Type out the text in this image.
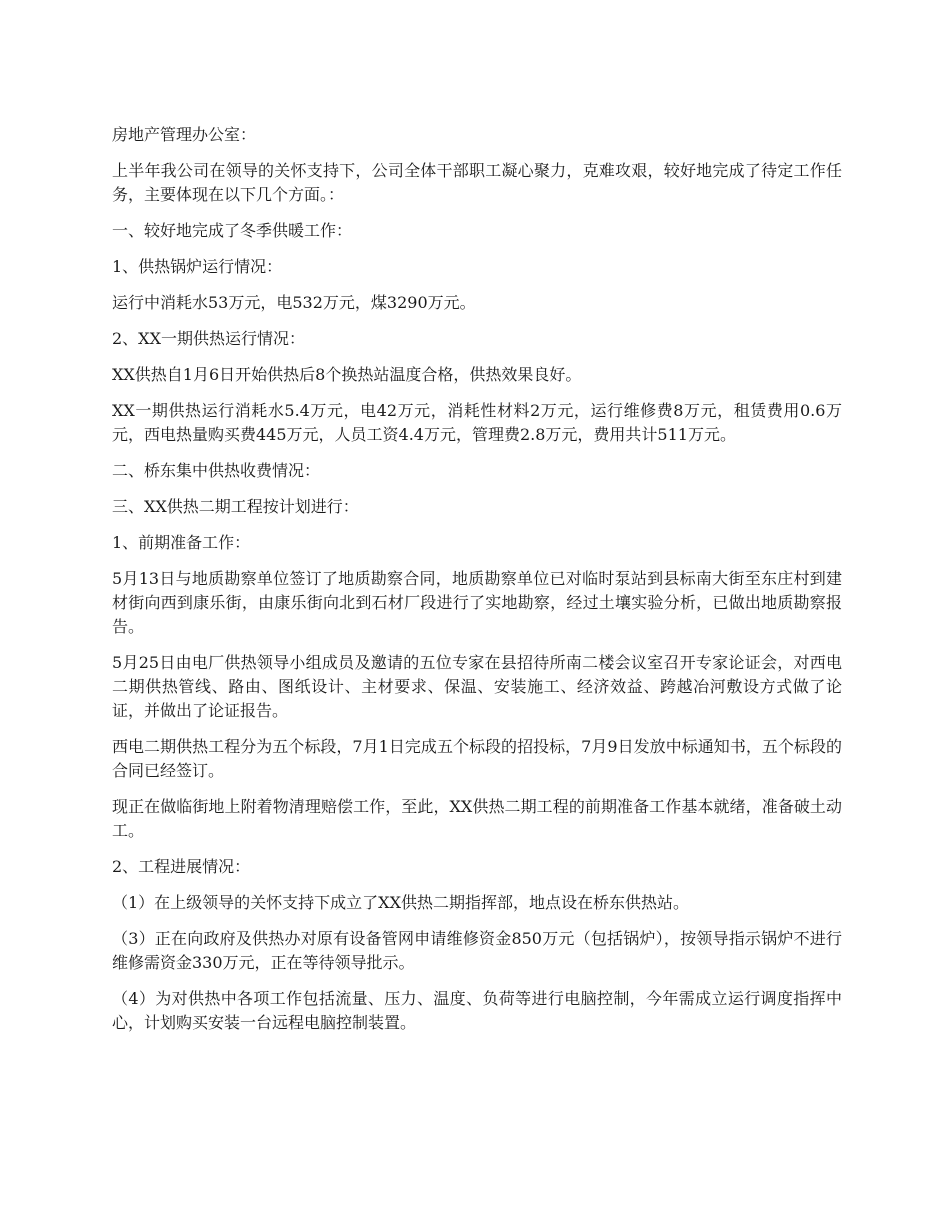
房地产管理办公室：

上半年我公司在领导的关怀支持下，公司全体干部职工凝心聚力，克难攻艰，较好地完成了待定工作任务，主要体现在以下几个方面。：

一、较好地完成了冬季供暖工作：

1、供热锅炉运行情况：

运行中消耗水53万元，电532万元，煤3290万元。

2、XX一期供热运行情况：

XX供热自1月6日开始供热后8个换热站温度合格，供热效果良好。

XX一期供热运行消耗水5.4万元，电42万元，消耗性材料2万元，运行维修费8万元，租赁费用0.6万元，西电热量购买费445万元，人员工资4.4万元，管理费2.8万元，费用共计511万元。

二、桥东集中供热收费情况：

三、XX供热二期工程按计划进行：

1、前期准备工作：

5月13日与地质勘察单位签订了地质勘察合同，地质勘察单位已对临时泵站到县标南大街至东庄村到建材街向西到康乐街，由康乐街向北到石材厂段进行了实地勘察，经过土壤实验分析，已做出地质勘察报告。

5月25日由电厂供热领导小组成员及邀请的五位专家在县招待所南二楼会议室召开专家论证会，对西电二期供热管线、路由、图纸设计、主材要求、保温、安装施工、经济效益、跨越冶河敷设方式做了论证，并做出了论证报告。

西电二期供热工程分为五个标段，7月1日完成五个标段的招投标，7月9日发放中标通知书，五个标段的合同已经签订。

现正在做临街地上附着物清理赔偿工作，至此，XX供热二期工程的前期准备工作基本就绪，准备破土动工。

2、工程进展情况：

（1）在上级领导的关怀支持下成立了XX供热二期指挥部，地点设在桥东供热站。

（3）正在向政府及供热办对原有设备管网申请维修资金850万元（包括锅炉），按领导指示锅炉不进行维修需资金330万元，正在等待领导批示。

（4）为对供热中各项工作包括流量、压力、温度、负荷等进行电脑控制，今年需成立运行调度指挥中心，计划购买安装一台远程电脑控制装置。
